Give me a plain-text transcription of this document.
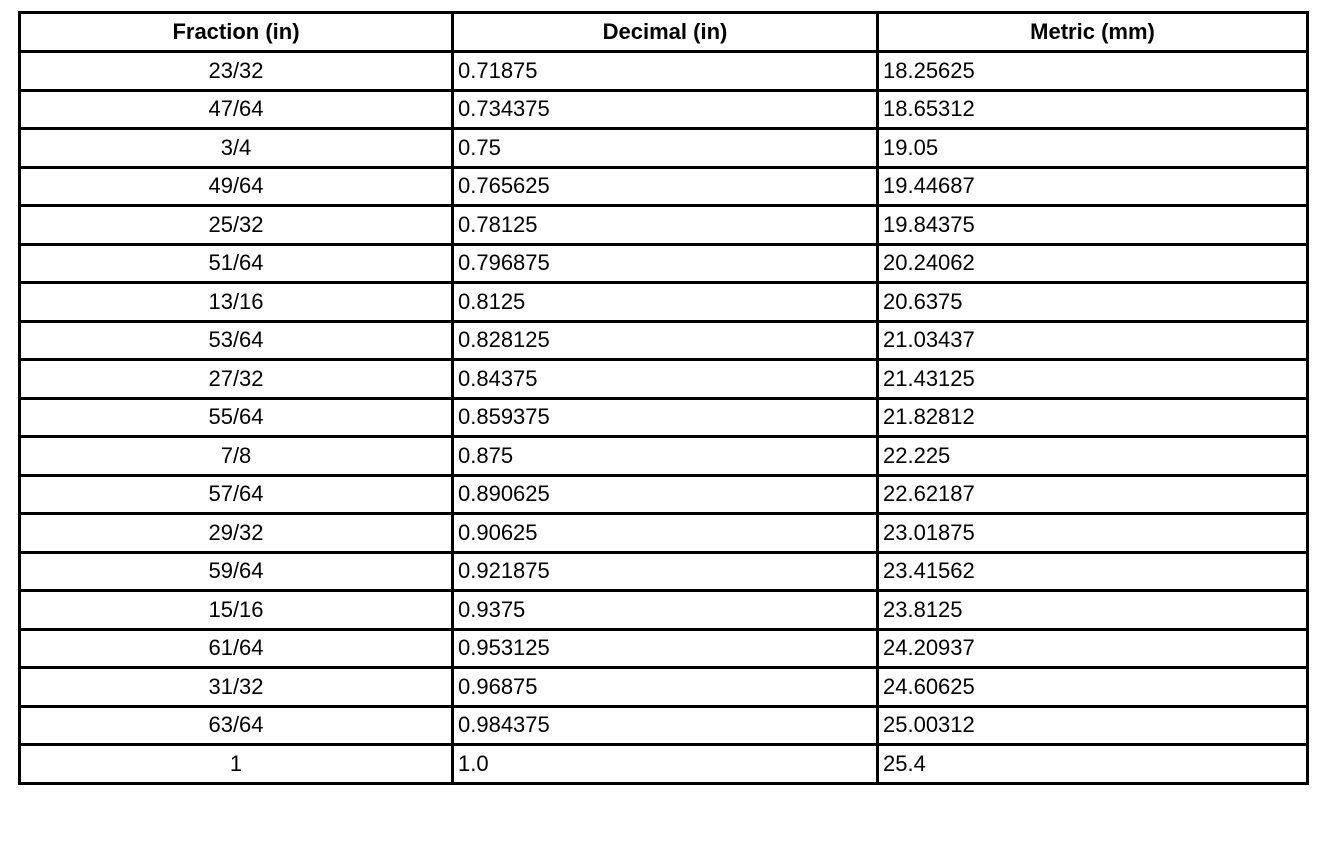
Fraction (in)	Decimal (in)	Metric (mm)
23/32	0.71875	18.25625
47/64	0.734375	18.65312
3/4	0.75	19.05
49/64	0.765625	19.44687
25/32	0.78125	19.84375
51/64	0.796875	20.24062
13/16	0.8125	20.6375
53/64	0.828125	21.03437
27/32	0.84375	21.43125
55/64	0.859375	21.82812
7/8	0.875	22.225
57/64	0.890625	22.62187
29/32	0.90625	23.01875
59/64	0.921875	23.41562
15/16	0.9375	23.8125
61/64	0.953125	24.20937
31/32	0.96875	24.60625
63/64	0.984375	25.00312
1	1.0	25.4
